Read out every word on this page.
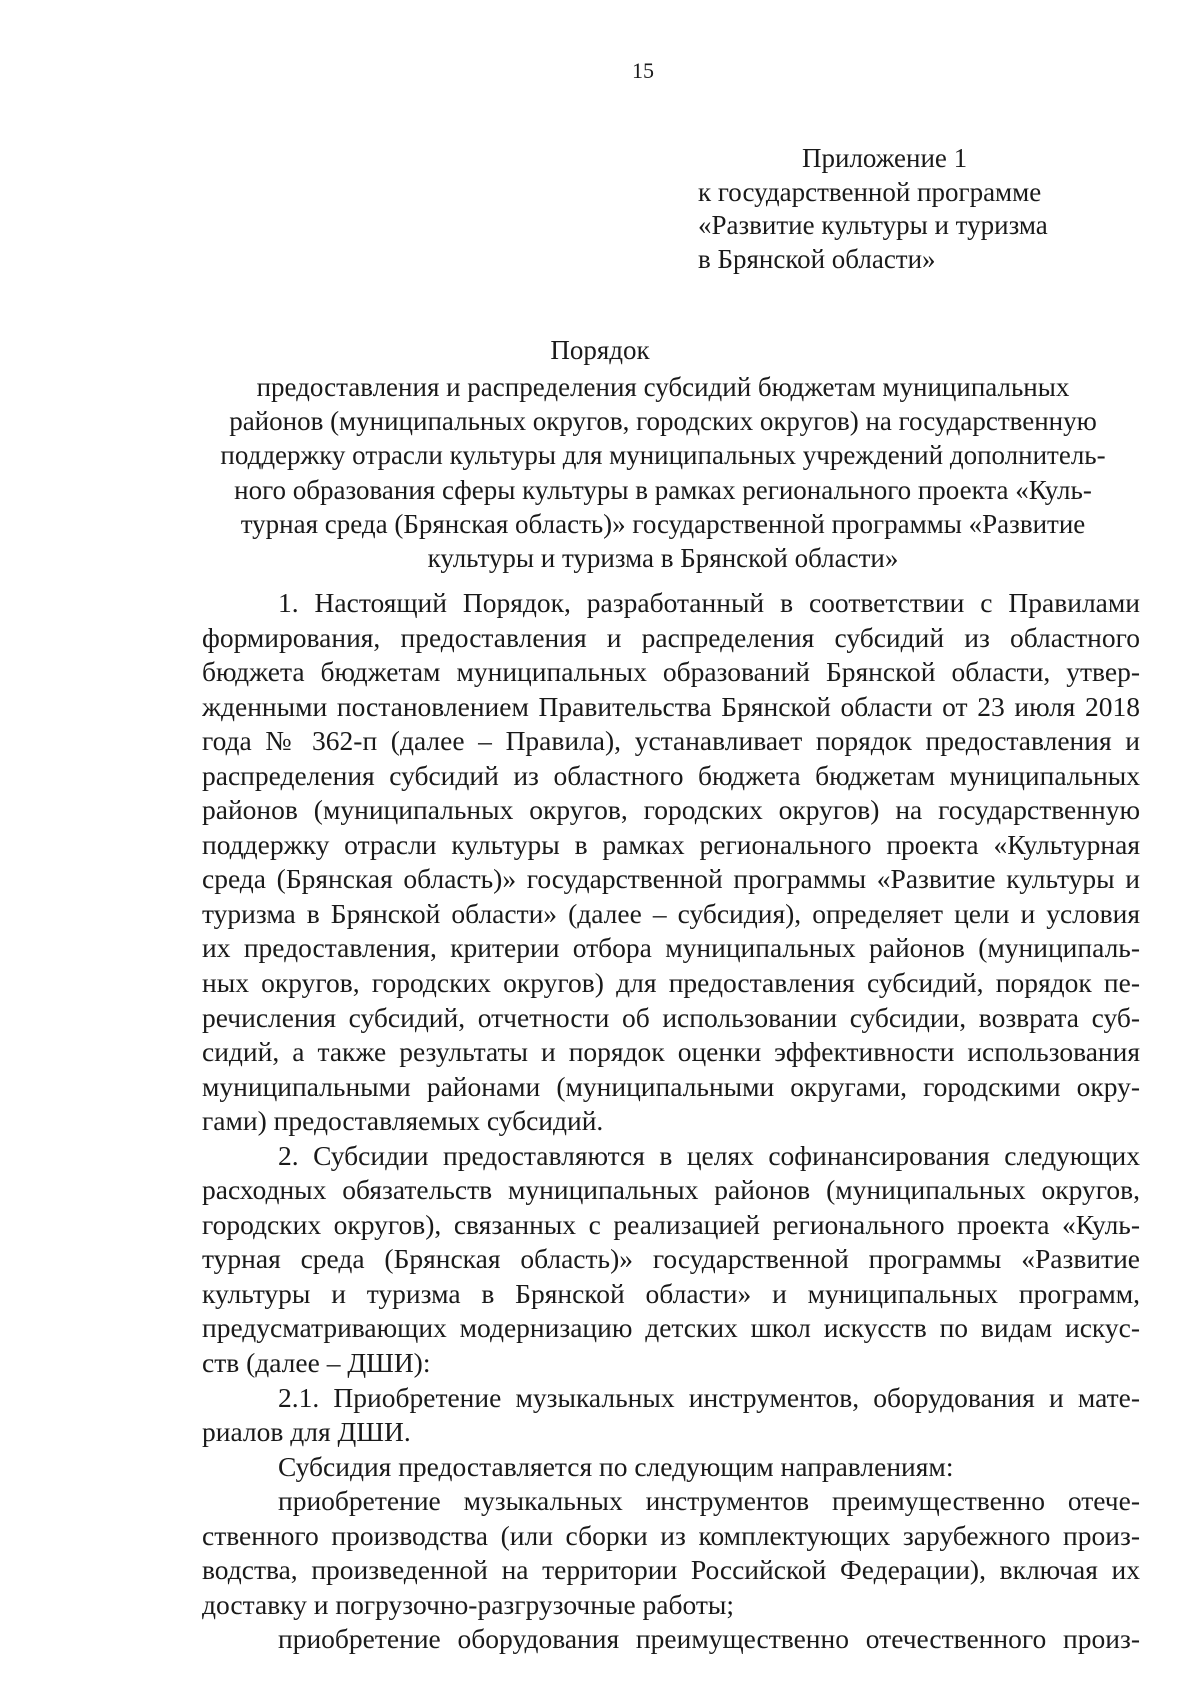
15
Приложение 1
к государственной программе
«Развитие культуры и туризма
в Брянской области»
Порядок
предоставления и распределения субсидий бюджетам муниципальных
районов (муниципальных округов, городских округов) на государственную
поддержку отрасли культуры для муниципальных учреждений дополнитель-
ного образования сферы культуры в рамках регионального проекта «Куль-
турная среда (Брянская область)» государственной программы «Развитие
культуры и туризма в Брянской области»
1. Настоящий Порядок, разработанный в соответствии с Правилами
формирования, предоставления и распределения субсидий из областного
бюджета бюджетам муниципальных образований Брянской области, утвер-
жденными постановлением Правительства Брянской области от 23 июля 2018
года № 362-п (далее – Правила), устанавливает порядок предоставления и
распределения субсидий из областного бюджета бюджетам муниципальных
районов (муниципальных округов, городских округов) на государственную
поддержку отрасли культуры в рамках регионального проекта «Культурная
среда (Брянская область)» государственной программы «Развитие культуры и
туризма в Брянской области» (далее – субсидия), определяет цели и условия
их предоставления, критерии отбора муниципальных районов (муниципаль-
ных округов, городских округов) для предоставления субсидий, порядок пе-
речисления субсидий, отчетности об использовании субсидии, возврата суб-
сидий, а также результаты и порядок оценки эффективности использования
муниципальными районами (муниципальными округами, городскими окру-
гами) предоставляемых субсидий.
2. Субсидии предоставляются в целях софинансирования следующих
расходных обязательств муниципальных районов (муниципальных округов,
городских округов), связанных с реализацией регионального проекта «Куль-
турная среда (Брянская область)» государственной программы «Развитие
культуры и туризма в Брянской области» и муниципальных программ,
предусматривающих модернизацию детских школ искусств по видам искус-
ств (далее – ДШИ):
2.1. Приобретение музыкальных инструментов, оборудования и мате-
риалов для ДШИ.
Субсидия предоставляется по следующим направлениям:
приобретение музыкальных инструментов преимущественно отече-
ственного производства (или сборки из комплектующих зарубежного произ-
водства, произведенной на территории Российской Федерации), включая их
доставку и погрузочно-разгрузочные работы;
приобретение оборудования преимущественно отечественного произ-
